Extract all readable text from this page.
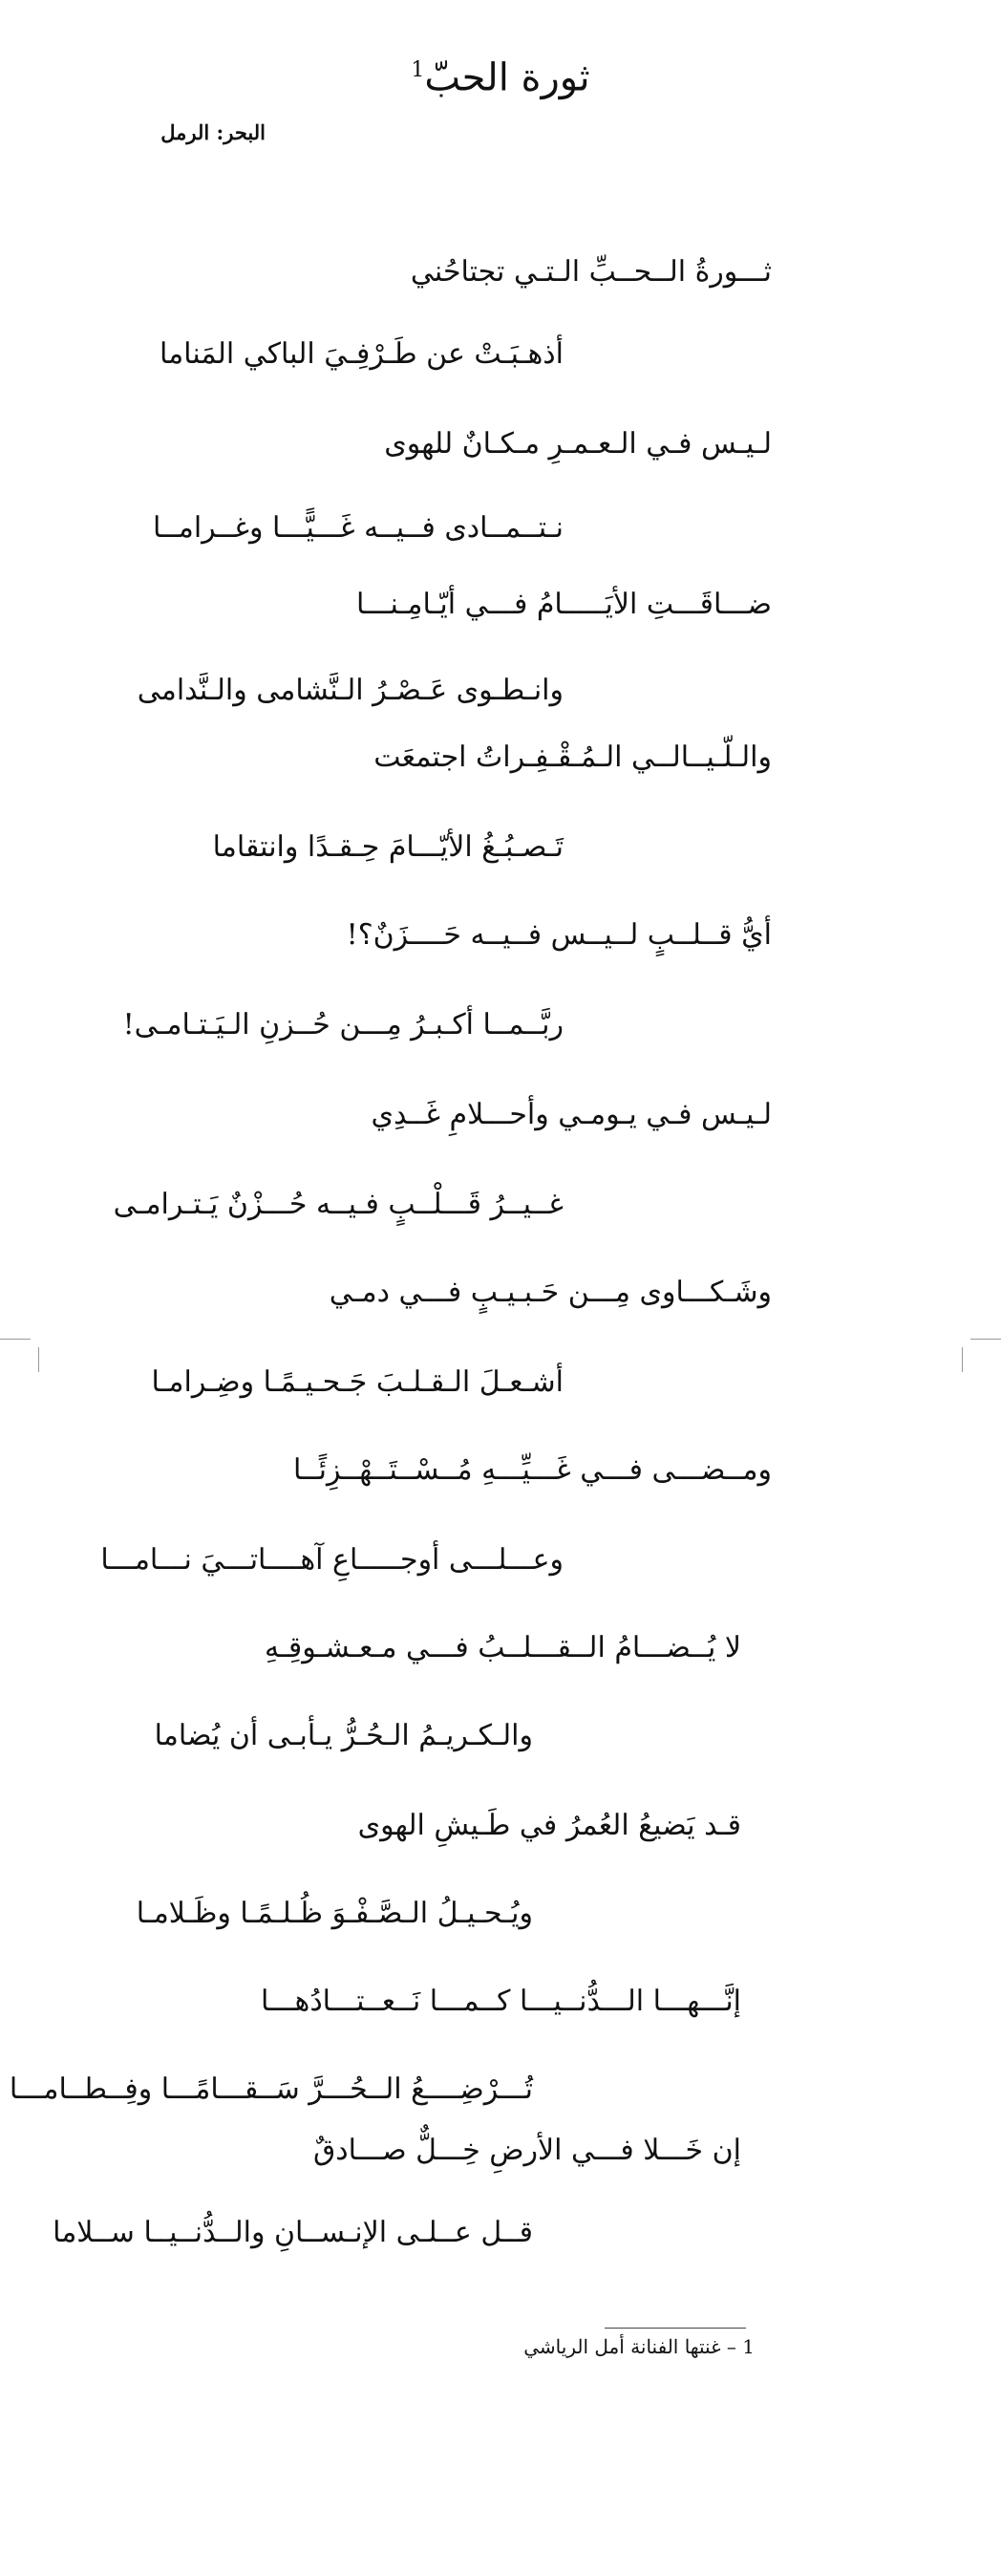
ثورة الحبّ$^1$
البحر: الرمل
ثـــورةُ الــحــبِّ الـتـي تجتاحُني
أذهـبَـتْ عن طَـرْفِـيَ الباكي المَناما
لـيـس فـي الـعـمـرِ مـكـانٌ للهوى
نـتــمــادى فــيــه غَـــيًّـــا وغــرامــا
ضـــاقَـــتِ الأيَـــــامُ فـــي أيّـامِـنـــا
وانـطـوى عَـصْـرُ الـنَّشامى والـنَّدامى
والـلّـيــالــي الـمُـقْـفِـراتُ اجتمعَت
تَـصـبُـغُ الأيّـــامَ حِـقـدًا وانتقاما
أيُّ قــلــبٍ لــيــس فــيــه حَــــزَنٌ؟!
ربَّــمــا أكـبـرُ مِـــن حُــزنِ الـيَـتـامـى!
لـيـس فـي يـومـي وأحـــلامِ غَــدِي
غــيــرُ قَـــلْــبٍ فـيــه حُـــزْنٌ يَـتـرامـى
وشَـكـــاوى مِـــن حَـبـيـبٍ فـــي دمـي
أشـعـلَ الـقـلـبَ جَـحـيـمًـا وضِـرامـا
ومــضـــى فـــي غَـــيِّـــهِ مُــسْــتَــهْــزِئًــا
وعـــلـــى أوجـــــاعِ آهــــاتـــيَ نـــامـــا
لا يُــضـــامُ الــقـــلــبُ فـــي مـعـشـوقِـهِ
والـكـريـمُ الـحُـرُّ يـأبـى أن يُضاما
قـد يَضيعُ العُمرُ في طَـيشِ الهوى
ويُـحـيـلُ الـصَّـفْـوَ ظُـلـمًـا وظَـلامـا
إنَّـــهـــا الـــدُّنــيـــا كــمـــا نَــعــتـــادُهـــا
تُـــرْضِــــعُ الــحُـــرَّ سَــقـــامًـــا وفِــطــامـــا
إن خَـــلا فـــي الأرضِ خِـــلٌّ صـــادقٌ
قــل عــلـى الإنـســانِ والــدُّنــيــا ســلاما
1 – غنتها الفنانة أمل الرياشي
